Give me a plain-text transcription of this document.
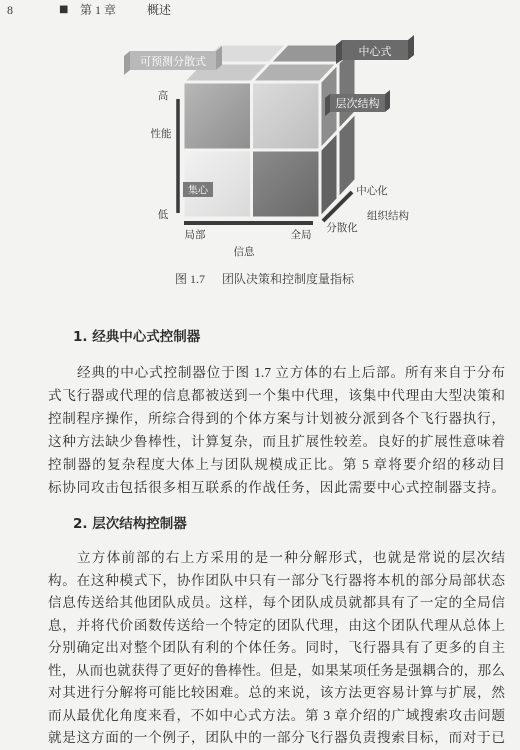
8	■ 第 1 章	概述
高
性能
低
局部	全局
信息
中心化
组织结构
分散化
可预测分散式
中心式
层次结构
集心
图 1.7 团队决策和控制度量指标
1. 经典中心式控制器
经典的中心式控制器位于图 1.7 立方体的右上后部。所有来自于分布
式飞行器或代理的信息都被送到一个集中代理，该集中代理由大型决策和
控制程序操作，所综合得到的个体方案与计划被分派到各个飞行器执行，
这种方法缺少鲁棒性，计算复杂，而且扩展性较差。良好的扩展性意味着
控制器的复杂程度大体上与团队规模成正比。第 5 章将要介绍的移动目
标协同攻击包括很多相互联系的作战任务，因此需要中心式控制器支持。
2. 层次结构控制器
立方体前部的右上方采用的是一种分解形式，也就是常说的层次结
构。在这种模式下，协作团队中只有一部分飞行器将本机的部分局部状态
信息传送给其他团队成员。这样，每个团队成员就都具有了一定的全局信
息，并将代价函数传送给一个特定的团队代理，由这个团队代理从总体上
分别确定出对整个团队有利的个体任务。同时，飞行器具有了更多的自主
性，从而也就获得了更好的鲁棒性。但是，如果某项任务是强耦合的，那么
对其进行分解将可能比较困难。总的来说，该方法更容易计算与扩展，然
而从最优化角度来看，不如中心式方法。第 3 章介绍的广域搜索攻击问题
就是这方面的一个例子，团队中的一部分飞行器负责搜索目标，而对于已
